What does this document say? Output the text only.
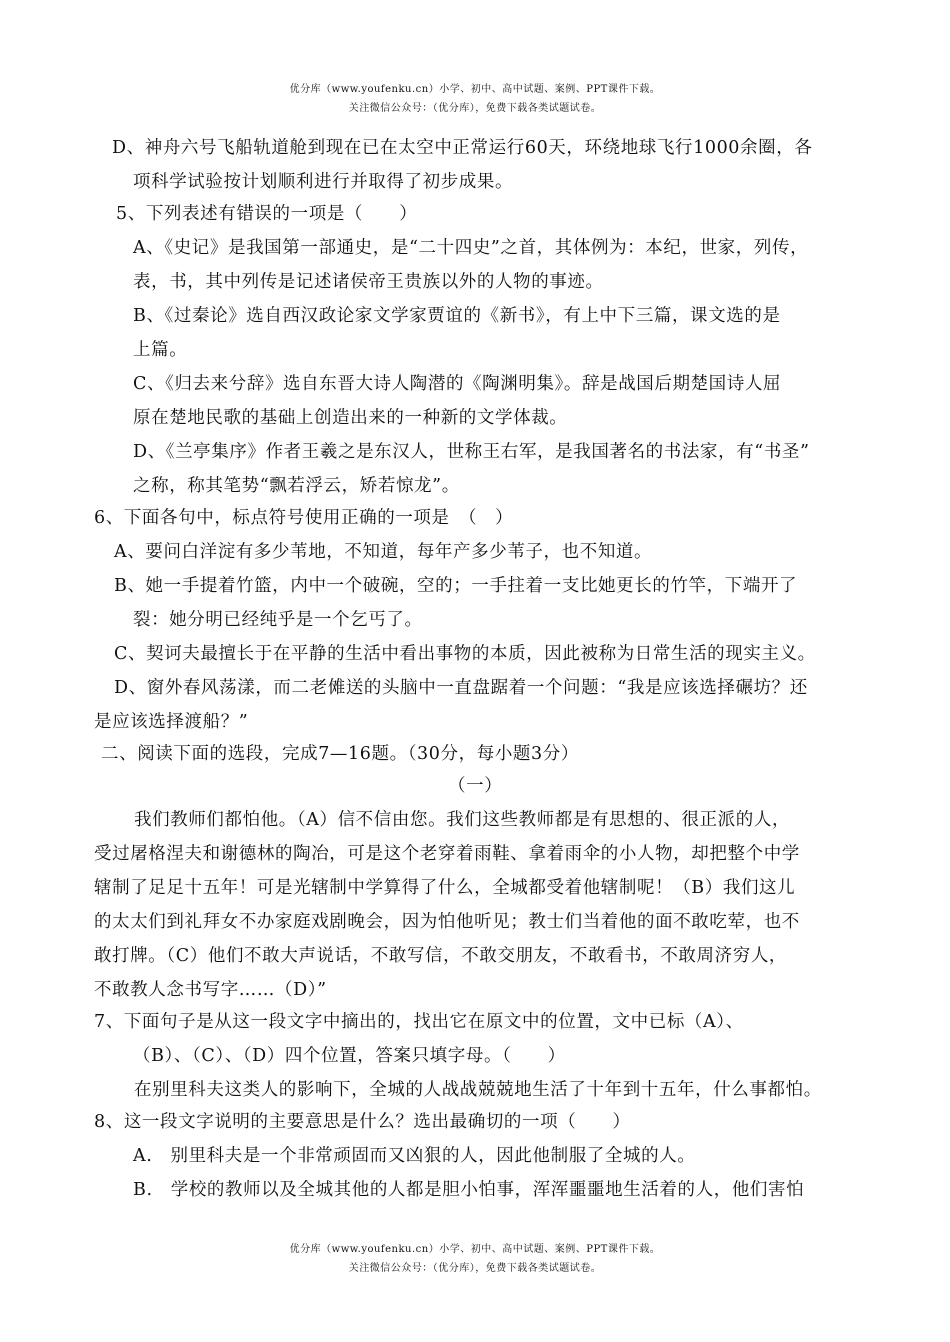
优分库（www.youfenku.cn）小学、初中、高中试题、案例、PPT课件下载。
关注微信公众号：（优分库），免费下载各类试题试卷。
D、神舟六号飞船轨道舱到现在已在太空中正常运行60天，环绕地球飞行1000余圈，各
项科学试验按计划顺利进行并取得了初步成果。
5、下列表述有错误的一项是（　　）
A、《史记》是我国第一部通史，是“二十四史”之首，其体例为：本纪，世家，列传，
表，书，其中列传是记述诸侯帝王贵族以外的人物的事迹。
B、《过秦论》选自西汉政论家文学家贾谊的《新书》，有上中下三篇，课文选的是
上篇。
C、《归去来兮辞》选自东晋大诗人陶潜的《陶渊明集》。辞是战国后期楚国诗人屈
原在楚地民歌的基础上创造出来的一种新的文学体裁。
D、《兰亭集序》作者王羲之是东汉人，世称王右军，是我国著名的书法家，有“书圣”
之称，称其笔势“飘若浮云，矫若惊龙”。
6、下面各句中，标点符号使用正确的一项是　（　）
A、要问白洋淀有多少苇地，不知道，每年产多少苇子，也不知道。
B、她一手提着竹篮，内中一个破碗，空的；一手拄着一支比她更长的竹竿，下端开了
裂：她分明已经纯乎是一个乞丐了。
C、契诃夫最擅长于在平静的生活中看出事物的本质，因此被称为日常生活的现实主义。
D、窗外春风荡漾，而二老傩送的头脑中一直盘踞着一个问题：“我是应该选择碾坊？还
是应该选择渡船？”
二、阅读下面的选段，完成7—16题。（30分，每小题3分）
（一）
我们教师们都怕他。（A）信不信由您。我们这些教师都是有思想的、很正派的人，
受过屠格涅夫和谢德林的陶冶，可是这个老穿着雨鞋、拿着雨伞的小人物，却把整个中学
辖制了足足十五年！可是光辖制中学算得了什么，全城都受着他辖制呢！（B）我们这儿
的太太们到礼拜女不办家庭戏剧晚会，因为怕他听见；教士们当着他的面不敢吃荤，也不
敢打牌。（C）他们不敢大声说话，不敢写信，不敢交朋友，不敢看书，不敢周济穷人，
不敢教人念书写字……（D）”
7、下面句子是从这一段文字中摘出的，找出它在原文中的位置，文中已标（A）、
（B）、（C）、（D）四个位置，答案只填字母。（　　）
在别里科夫这类人的影响下，全城的人战战兢兢地生活了十年到十五年，什么事都怕。
8、这一段文字说明的主要意思是什么？选出最确切的一项（　　）
A.　别里科夫是一个非常顽固而又凶狠的人，因此他制服了全城的人。
B.　学校的教师以及全城其他的人都是胆小怕事，浑浑噩噩地生活着的人，他们害怕
优分库（www.youfenku.cn）小学、初中、高中试题、案例、PPT课件下载。
关注微信公众号：（优分库），免费下载各类试题试卷。
